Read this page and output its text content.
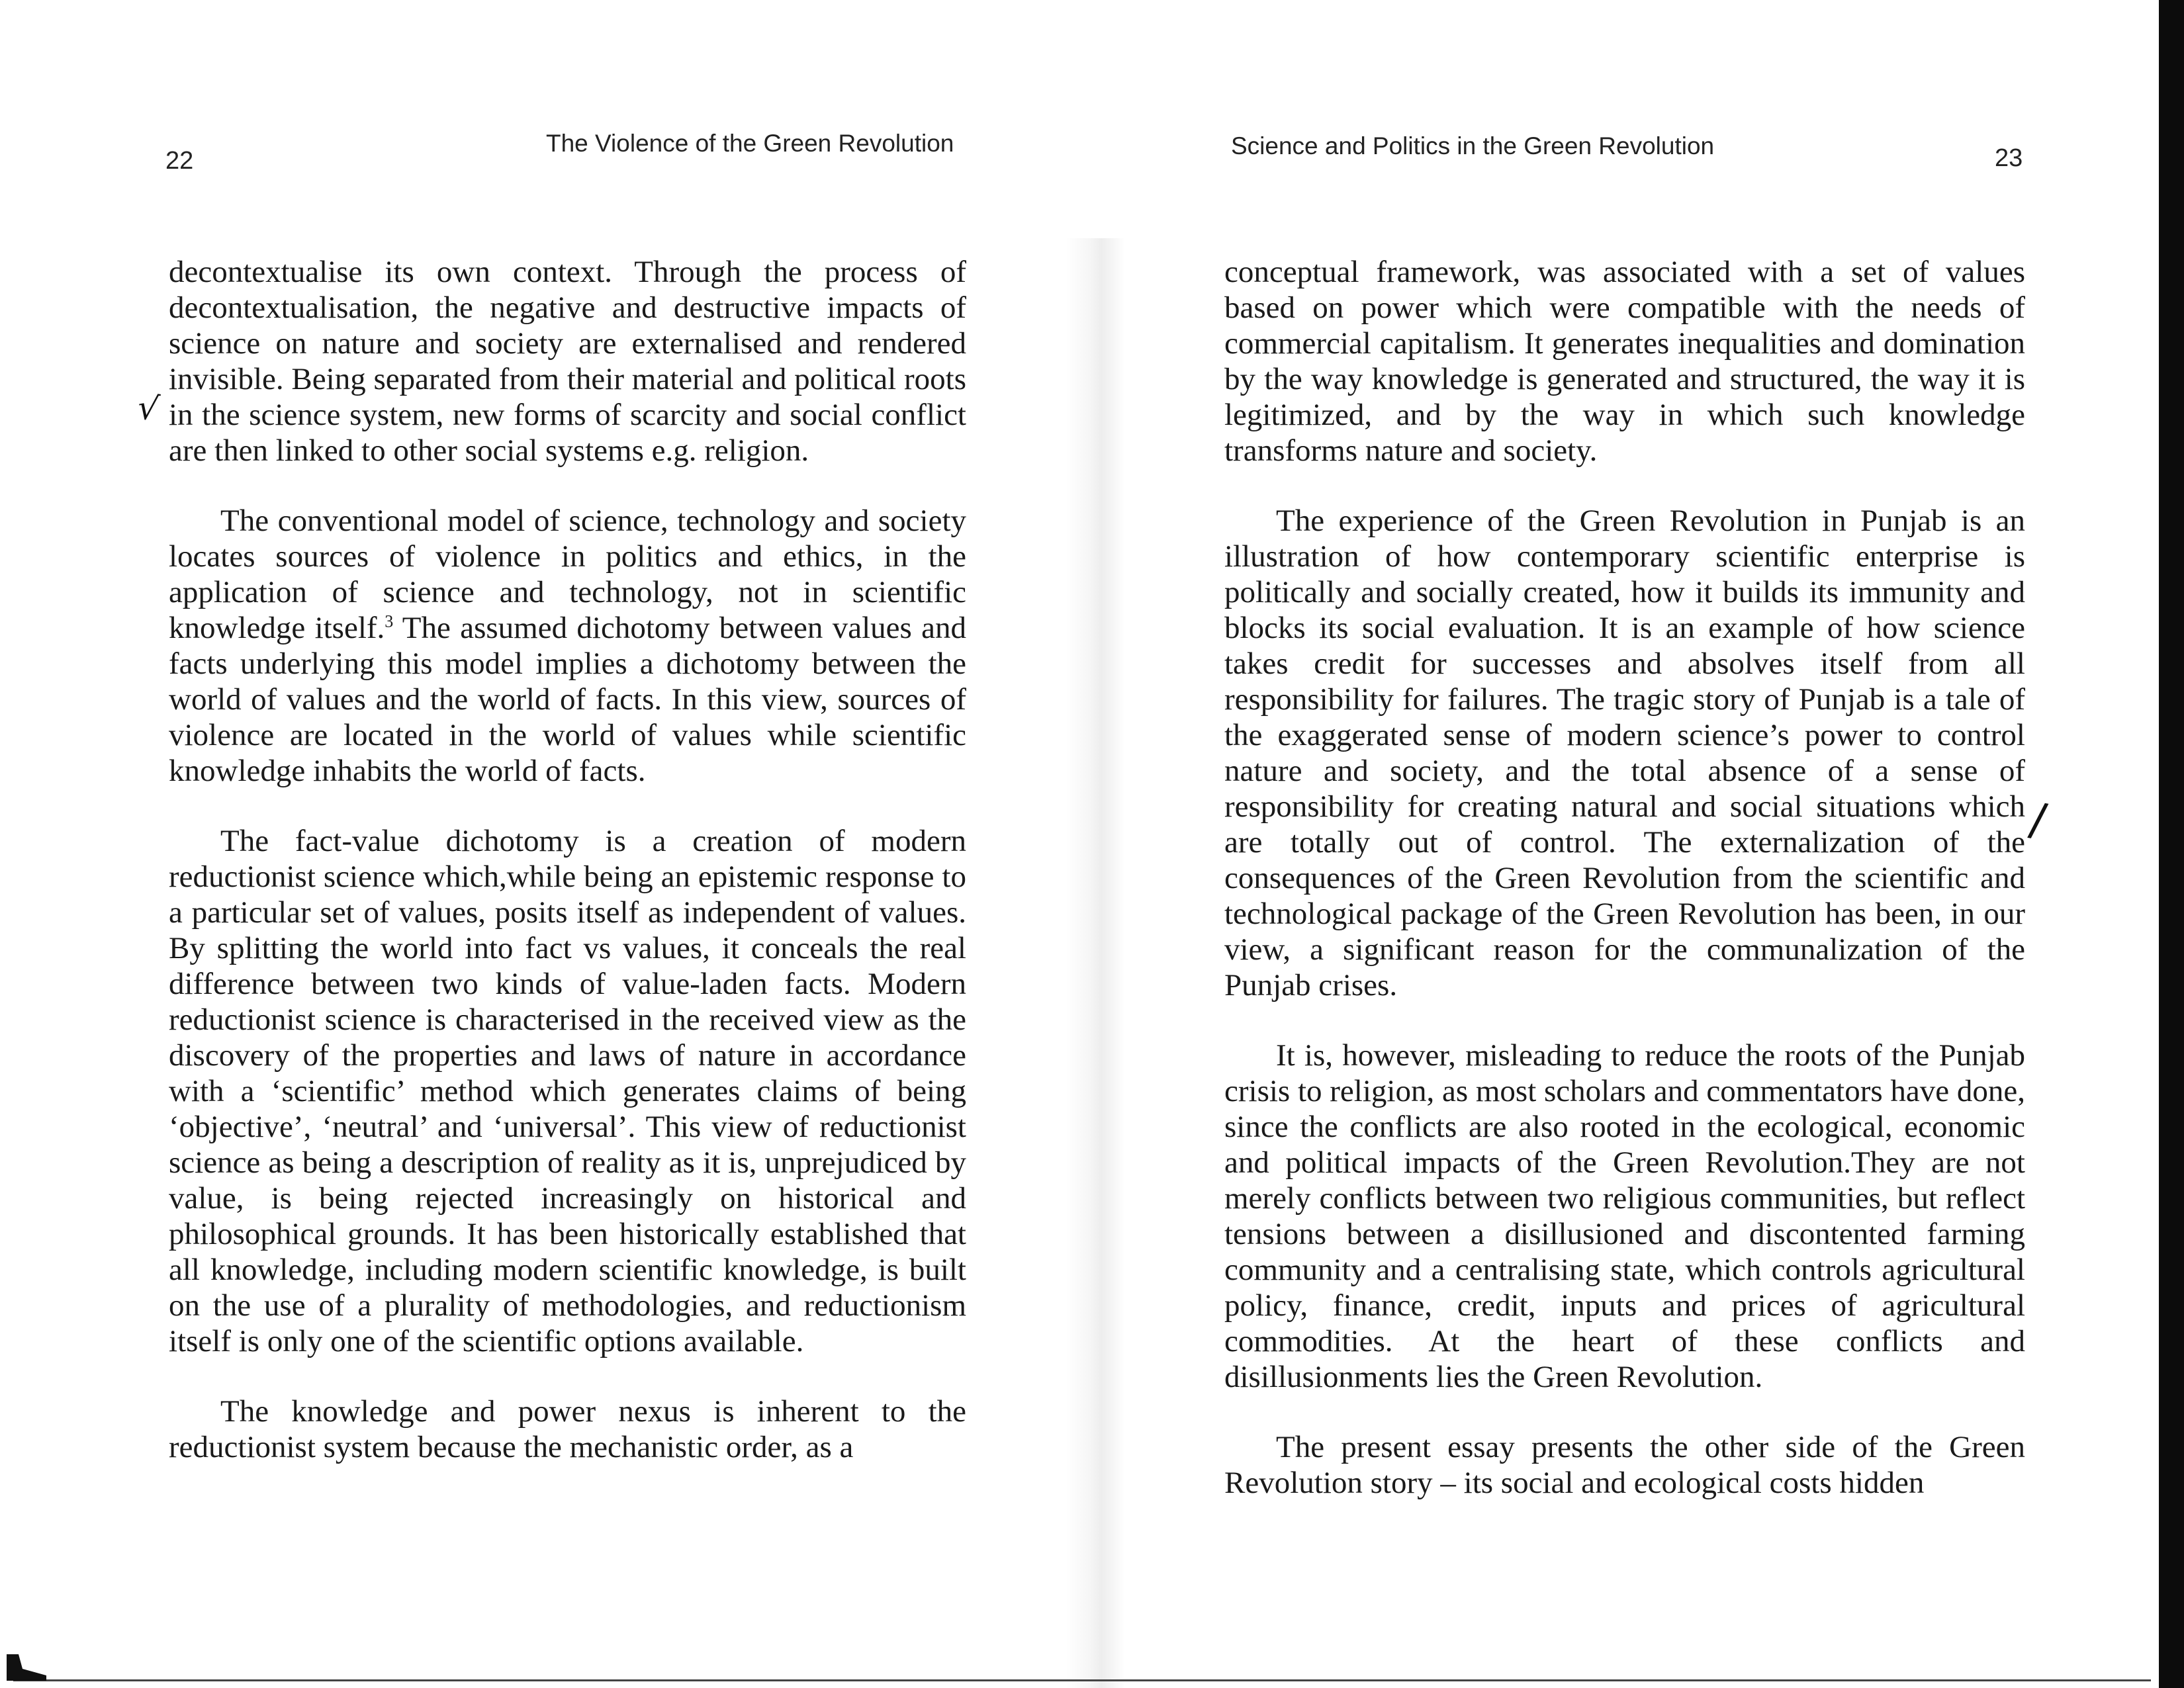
22
The Violence of the Green Revolution
√

decontextualise its own context. Through the process of decontextualisation, the negative and destructive impacts of science on nature and society are externalised and rendered invisible. Being separated from their material and political roots in the science system, new forms of scarcity and social conflict are then linked to other social systems e.g. religion.

The conventional model of science, technology and society locates sources of violence in politics and ethics, in the application of science and technology, not in scientific knowledge itself.$^3$ The assumed dichotomy between values and facts underlying this model implies a dichotomy between the world of values and the world of facts. In this view, sources of violence are located in the world of values while scientific knowledge inhabits the world of facts.

The fact-value dichotomy is a creation of modern reductionist science which,while being an epistemic response to a particular set of values, posits itself as independent of values. By splitting the world into fact vs values, it conceals the real difference between two kinds of value-laden facts. Modern reductionist science is characterised in the received view as the discovery of the properties and laws of nature in accordance with a ‘scientific’ method which generates claims of being ‘objective’, ‘neutral’ and ‘universal’. This view of reductionist science as being a description of reality as it is, unprejudiced by value, is being rejected increasingly on historical and philosophical grounds. It has been historically established that all knowledge, including modern scientific knowledge, is built on the use of a plurality of methodologies, and reductionism itself is only one of the scientific options available.

The knowledge and power nexus is inherent to the reductionist system because the mechanistic order, as a

Science and Politics in the Green Revolution	23

conceptual framework, was associated with a set of values based on power which were compatible with the needs of commercial capitalism. It generates inequalities and domination by the way knowledge is generated and structured, the way it is legitimized, and by the way in which such knowledge transforms nature and society.

The experience of the Green Revolution in Punjab is an illustration of how contemporary scientific enterprise is politically and socially created, how it builds its immunity and blocks its social evaluation. It is an example of how science takes credit for successes and absolves itself from all responsibility for failures. The tragic story of Punjab is a tale of the exaggerated sense of modern science’s power to control nature and society, and the total absence of a sense of responsibility for creating natural and social situations which are totally out of control. The externalization of the consequences of the Green Revolution from the scientific and technological package of the Green Revolution has been, in our view, a significant reason for the communalization of the Punjab crises.

It is, however, misleading to reduce the roots of the Punjab crisis to religion, as most scholars and commentators have done, since the conflicts are also rooted in the ecological, economic and political impacts of the Green Revolution.They are not merely conflicts between two religious communities, but reflect tensions between a disillusioned and discontented farming community and a centralising state, which controls agricultural policy, finance, credit, inputs and prices of agricultural commodities. At the heart of these conflicts and disillusionments lies the Green Revolution.

The present essay presents the other side of the Green Revolution story – its social and ecological costs hidden

/
